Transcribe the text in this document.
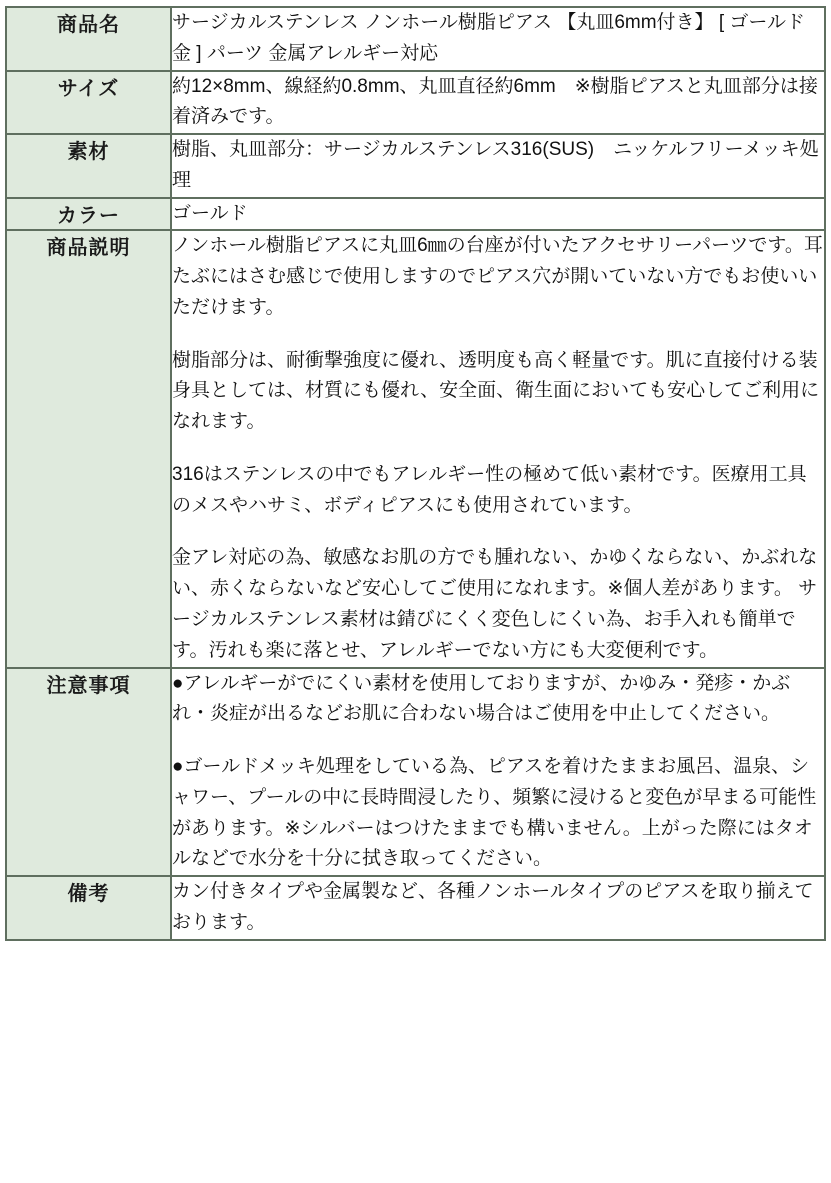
商品名	サージカルステンレス ノンホール樹脂ピアス 【丸皿6mm付き】 [ ゴールド 金 ] パーツ 金属アレルギー対応

サイズ	約12×8mm、線経約0.8mm、丸皿直径約6mm　※樹脂ピアスと丸皿部分は接着済みです。

素材	樹脂、丸皿部分：サージカルステンレス316(SUS)　ニッケルフリーメッキ処理

カラー	ゴールド

商品説明	ノンホール樹脂ピアスに丸皿6㎜の台座が付いたアクセサリーパーツです。耳たぶにはさむ感じで使用しますのでピアス穴が開いていない方でもお使いいただけます。

樹脂部分は、耐衝撃強度に優れ、透明度も高く軽量です。肌に直接付ける装身具としては、材質にも優れ、安全面、衛生面においても安心してご利用になれます。

316はステンレスの中でもアレルギー性の極めて低い素材です。医療用工具のメスやハサミ、ボディピアスにも使用されています。

金アレ対応の為、敏感なお肌の方でも腫れない、かゆくならない、かぶれない、赤くならないなど安心してご使用になれます。※個人差があります。 サージカルステンレス素材は錆びにくく変色しにくい為、お手入れも簡単です。汚れも楽に落とせ、アレルギーでない方にも大変便利です。

注意事項	●アレルギーがでにくい素材を使用しておりますが、かゆみ・発疹・かぶれ・炎症が出るなどお肌に合わない場合はご使用を中止してください。

●ゴールドメッキ処理をしている為、ピアスを着けたままお風呂、温泉、シャワー、プールの中に長時間浸したり、頻繁に浸けると変色が早まる可能性があります。※シルバーはつけたままでも構いません。上がった際にはタオルなどで水分を十分に拭き取ってください。

備考	カン付きタイプや金属製など、各種ノンホールタイプのピアスを取り揃えております。
